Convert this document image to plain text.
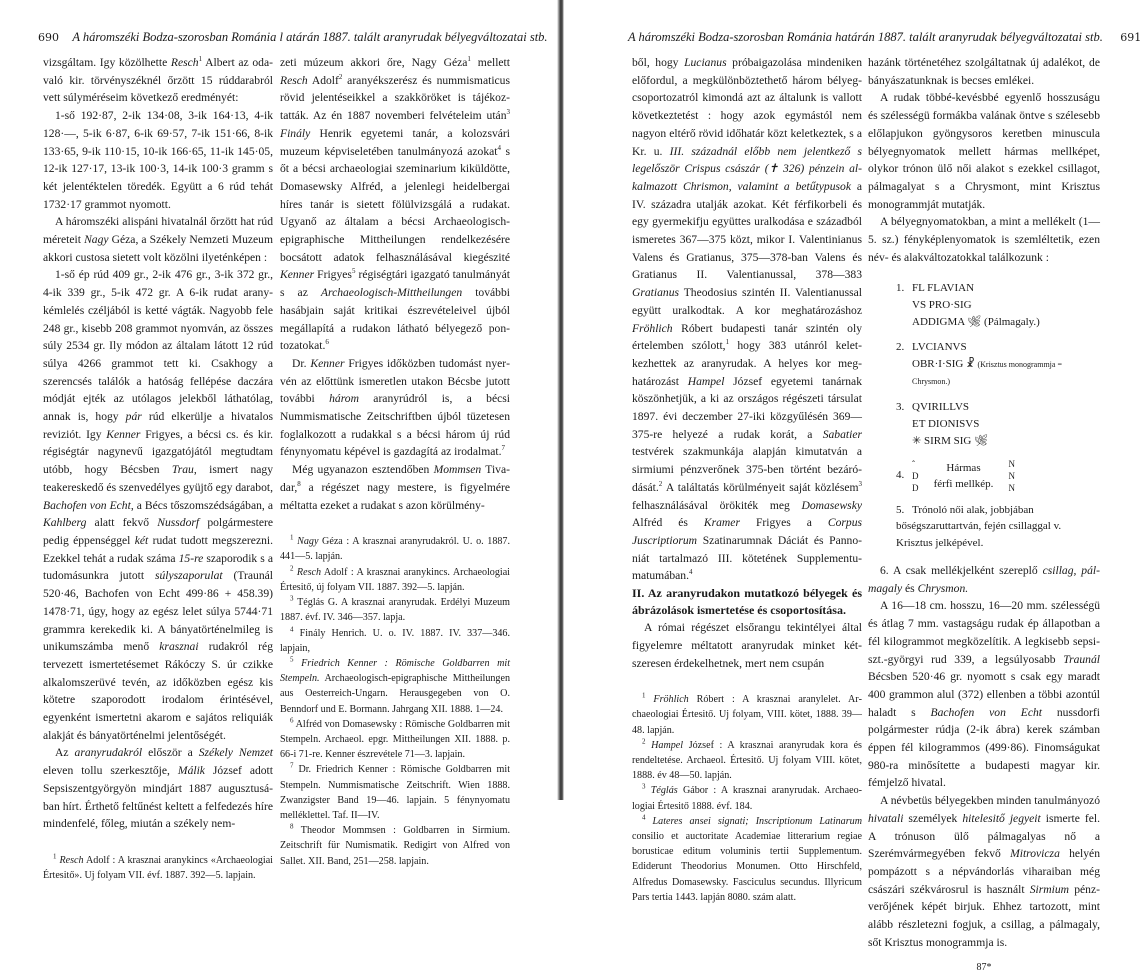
690 A háromszéki Bodza-szorosban Románia l atárán 1887. talált aranyrudak bélyegváltozatai stb.

vizsgáltam. Igy közölhette Resch$^1$ Albert az odavaló kir. törvényszéknél őrzött 15 rúddarabról vett súlyméréseim következő eredményét:

1-ső 192·87, 2-ik 134·08, 3-ik 164·13, 4-ik 128·—, 5-ik 6·87, 6-ik 69·57, 7-ik 151·66, 8-ik 133·65, 9-ik 110·15, 10-ik 166·65, 11-ik 145·05, 12-ik 127·17, 13-ik 100·3, 14-ik 100·3 gramm s két jelentéktelen töredék. Együtt a 6 rúd tehát 1732·17 grammot nyomott.

A háromszéki alispáni hivatalnál őrzött hat rúd méreteit Nagy Géza, a Székely Nemzeti Muzeum akkori custosa sietett volt közölni ilyeténképen :

1-ső ép rúd 409 gr., 2-ik 476 gr., 3-ik 372 gr., 4-ik 339 gr., 5-ik 472 gr. A 6-ik rudat aranykémlelés czéljából is ketté vágták. Nagyobb fele 248 gr., kisebb 208 grammot nyomván, az összes súly 2534 gr. Ily módon az általam látott 12 rúd súlya 4266 grammot tett ki. Csakhogy a szerencsés találók a hatóság fellépése daczára módját ejték az utólagos jelekből láthatólag, annak is, hogy pár rúd elkerülje a hivatalos reviziót. Igy Kenner Frigyes, a bécsi cs. és kir. régiségtár nagynevű igazgatójától megtudtam utóbb, hogy Bécsben Trau, ismert nagy teakereskedő és szenvedélyes gyüjtő egy darabot, Bachofen von Echt, a Bécs tőszomszédságában, a Kahlberg alatt fekvő Nussdorf polgármestere pedig éppenséggel két rudat tudott megszerezni. Ezekkel tehát a rudak száma 15-re szaporodik s a tudomásunkra jutott súlyszaporulat (Traunál 520·46, Bachofen von Echt 499·86 + 458.39) 1478·71, úgy, hogy az egész lelet súlya 5744·71 grammra kerekedik ki. A bányatörténelmileg is unikumszámba menő krasznai rudakról rég tervezett ismertetésemet Rákóczy S. úr czikke alkalomszerüvé tevén, az időközben egész kis kötetre szaporodott irodalom érintésével, egyenként ismertetni akarom e sajátos reliquiák alakját és bányatörténelmi jelentőségét.

Az aranyrudakról először a Székely Nemzet eleven tollu szerkesztője, Málik József adott Sepsiszentgyörgyön mindjárt 1887 augusztusában hírt. Érthető feltűnést keltett a felfedezés híre mindenfelé, főleg, miután a székely nem-

$^1$ Resch Adolf : A krasznai aranykincs «Archaeologiai Értesitő». Uj folyam VII. évf. 1887. 392—5. lapjain.

zeti múzeum akkori őre, Nagy Géza$^1$ mellett Resch Adolf$^2$ aranyékszerész és nummismaticus rövid jelentéseikkel a szakköröket is tájékoztatták. Az én 1887 novemberi felvételeim után$^3$ Finály Henrik egyetemi tanár, a kolozsvári muzeum képviseletében tanulmányozá azokat$^4$ s őt a bécsi archaeologiai szeminarium kiküldötte, Domasewsky Alfréd, a jelenlegi heidelbergai híres tanár is sietett fölülvizsgálá a rudakat. Ugyanő az általam a bécsi Archaeologisch-epigraphische Mittheilungen rendelkezésére bocsátott adatok felhasználásával kiegészité Kenner Frigyes$^5$ régiségtári igazgató tanulmányát s az Archaeologisch-Mittheilungen további hasábjain saját kritikai észrevételeivel újból megállapítá a rudakon látható bélyegező pontozatokat.$^6$

Dr. Kenner Frigyes időközben tudomást nyervén az előttünk ismeretlen utakon Bécsbe jutott további három aranyrúdról is, a bécsi Nummismatische Zeitschriftben újból tüzetesen foglalkozott a rudakkal s a bécsi három új rúd fénynyomatu képével is gazdagítá az irodalmat.$^7$

Még ugyanazon esztendőben Mommsen Tivadar,$^8$ a régészet nagy mestere, is figyelmére méltatta ezeket a rudakat s azon körülmény-

$^1$ Nagy Géza : A krasznai aranyrudakról. U. o. 1887. 441—5. lapján.

$^2$ Resch Adolf : A krasznai aranykincs. Archaeologiai Értesitő, új folyam VII. 1887. 392—5. lapján.

$^3$ Téglás G. A krasznai aranyrudak. Erdélyi Muzeum 1887. évf. IV. 346—357. lapja.

$^4$ Finály Henrich. U. o. IV. 1887. IV. 337—346. lapjain,

$^5$ Friedrich Kenner : Römische Goldbarren mit Stempeln. Archaeologisch-epigraphische Mittheilungen aus Oesterreich-Ungarn. Herausgegeben von O. Benndorf und E. Bormann. Jahrgang XII. 1888. 1—24.

$^6$ Alfréd von Domasewsky : Römische Goldbarren mit Stempeln. Archaeol. epgr. Mittheilungen XII. 1888. p. 66-i 71-re. Kenner észrevétele 71—3. lapjain.

$^7$ Dr. Friedrich Kenner : Römische Goldbarren mit Stempeln. Nummismatische Zeitschrift. Wien 1888. Zwanzigster Band 19—46. lapjain. 5 fénynyomatu melléklettel. Taf. II—IV.

$^8$ Theodor Mommsen : Goldbarren in Sirmium. Zeitschrift für Numismatik. Redigirt von Alfred von Sallet. XII. Band, 251—258. lapjain.

A háromszéki Bodza-szorosban Románia határán 1887. talált aranyrudak bélyegváltozatai stb. 691

ből, hogy Lucianus próbaigazolása mindeniken előfordul, a megkülönböztethető három bélyegcsoportozatról kimondá azt az általunk is vallott következtetést : hogy azok egymástól nem nagyon eltérő rövid időhatár közt keletkeztek, s a Kr. u. III. századnál előbb nem jelentkező s legelőször Crispus császár (✝ 326) pénzein alkalmazott Chrismon, valamint a betűtypusok a IV. századra utalják azokat. Két férfikorbeli és egy gyermekifju együttes uralkodása e századból ismeretes 367—375 közt, mikor I. Valentinianus Valens és Gratianus, 375—378-ban Valens és Gratianus II. Valentianussal, 378—383 Gratianus Theodosius szintén II. Valentianussal együtt uralkodtak. A kor meghatározáshoz Fröhlich Róbert budapesti tanár szintén oly értelemben szólott,$^1$ hogy 383 utánról keletkezhettek az aranyrudak. A helyes kor meghatározást Hampel József egyetemi tanárnak köszönhetjük, a ki az országos régészeti társulat 1897. évi deczember 27-iki közgyűlésén 369—375-re helyezé a rudak korát, a Sabatier testvérek szakmunkája alapján kimutatván a sirmiumi pénzverőnek 375-ben történt bezáródását.$^2$ A találtatás körülményeit saját közlésem$^3$ felhasználásával örökiték meg Domasewsky Alfréd és Kramer Frigyes a Corpus Juscriptiorum Szatinarumnak Dáciát és Pannoniát tartalmazó III. kötetének Supplementumatumában.$^4$

II. Az aranyrudakon mutatkozó bélyegek és ábrázolások ismertetése és csoportosítása.

A római régészet elsőrangu tekintélyei által figyelemre méltatott aranyrudak minket kétszeresen érdekelhetnek, mert nem csupán

$^1$ Fröhlich Róbert : A krasznai aranylelet. Archaeologiai Értesitő. Uj folyam, VIII. kötet, 1888. 39—48. lapján.

$^2$ Hampel József : A krasznai aranyrudak kora és rendeltetése. Archaeol. Értesitő. Uj folyam VIII. kötet, 1888. év 48—50. lapján.

$^3$ Téglás Gábor : A krasznai aranyrudak. Archaeologiai Értesitő 1888. évf. 184.

$^4$ Lateres ansei signati; Inscriptionum Latinarum consilio et auctoritate Academiae litterarium regiae borusticae editum voluminis tertii Supplementum. Ediderunt Theodorius Monumen. Otto Hirschfeld, Alfredus Domasewsky. Fasciculus secundus. Illyricum Pars tertia 1443. lapján 8080. szám alatt.

hazánk történetéhez szolgáltatnak új adalékot, de bányászatunknak is becses emlékei.

A rudak többé-kevésbbé egyenlő hosszuságu és szélességü formákba valának öntve s szélesebb előlapjukon gyöngysoros keretben minuscula bélyegnyomatok mellett hármas mellképet, olykor trónon ülő női alakot s ezekkel csillagot, pálmagalyat s a Chrysmont, mint Krisztus monogrammját mutatják.

A bélyegnyomatokban, a mint a mellékelt (1—5. sz.) fényképlenyomatok is szemléltetik, ezen név- és alakváltozatokkal találkozunk :

1. FL FLAVIAN
VS PRO·SIG
ADDIGMA 🌿︎ (Pálmagaly.)
2. LVCIANVS
OBR·I·SIG ☧ (Krisztus monogrammja = Chrysmon.)
3. QVIRILLVS
ET DIONISVS
✳ SIRM SIG 🌿︎
4.
ˆ
D
D
Hármas
férfi mellkép.
N
N
N
5. Trónoló női alak, jobbjában bőségszaruttartván, fején csillaggal v. Krisztus jelképével.

6. A csak mellékjelként szereplő csillag, pálmagaly és Chrysmon.

A 16—18 cm. hosszu, 16—20 mm. szélességü és átlag 7 mm. vastagságu rudak ép állapotban a fél kilogrammot megközelítik. A legkisebb sepsi-szt.-györgyi rud 339, a legsúlyosabb Traunál Bécsben 520·46 gr. nyomott s csak egy maradt 400 grammon alul (372) ellenben a többi azontúl haladt s Bachofen von Echt nussdorfi polgármester rúdja (2-ik ábra) kerek számban éppen fél kilogrammos (499·86). Finomságukat 980-ra minősítette a budapesti magyar kir. fémjelző hivatal.

A névbetüs bélyegekben minden tanulmányozó hivatali személyek hitelesitő jegyeit ismerte fel. A trónuson ülő pálmagalyas nő a Szerémvármegyében fekvő Mitrovicza helyén pompázott s a népvándorlás viharaiban még császári székvárosrul is használt Sirmium pénzverőjének képét birjuk. Ehhez tartozott, mint alább részletezni fogjuk, a csillag, a pálmagaly, sőt Krisztus monogrammja is.

87*
